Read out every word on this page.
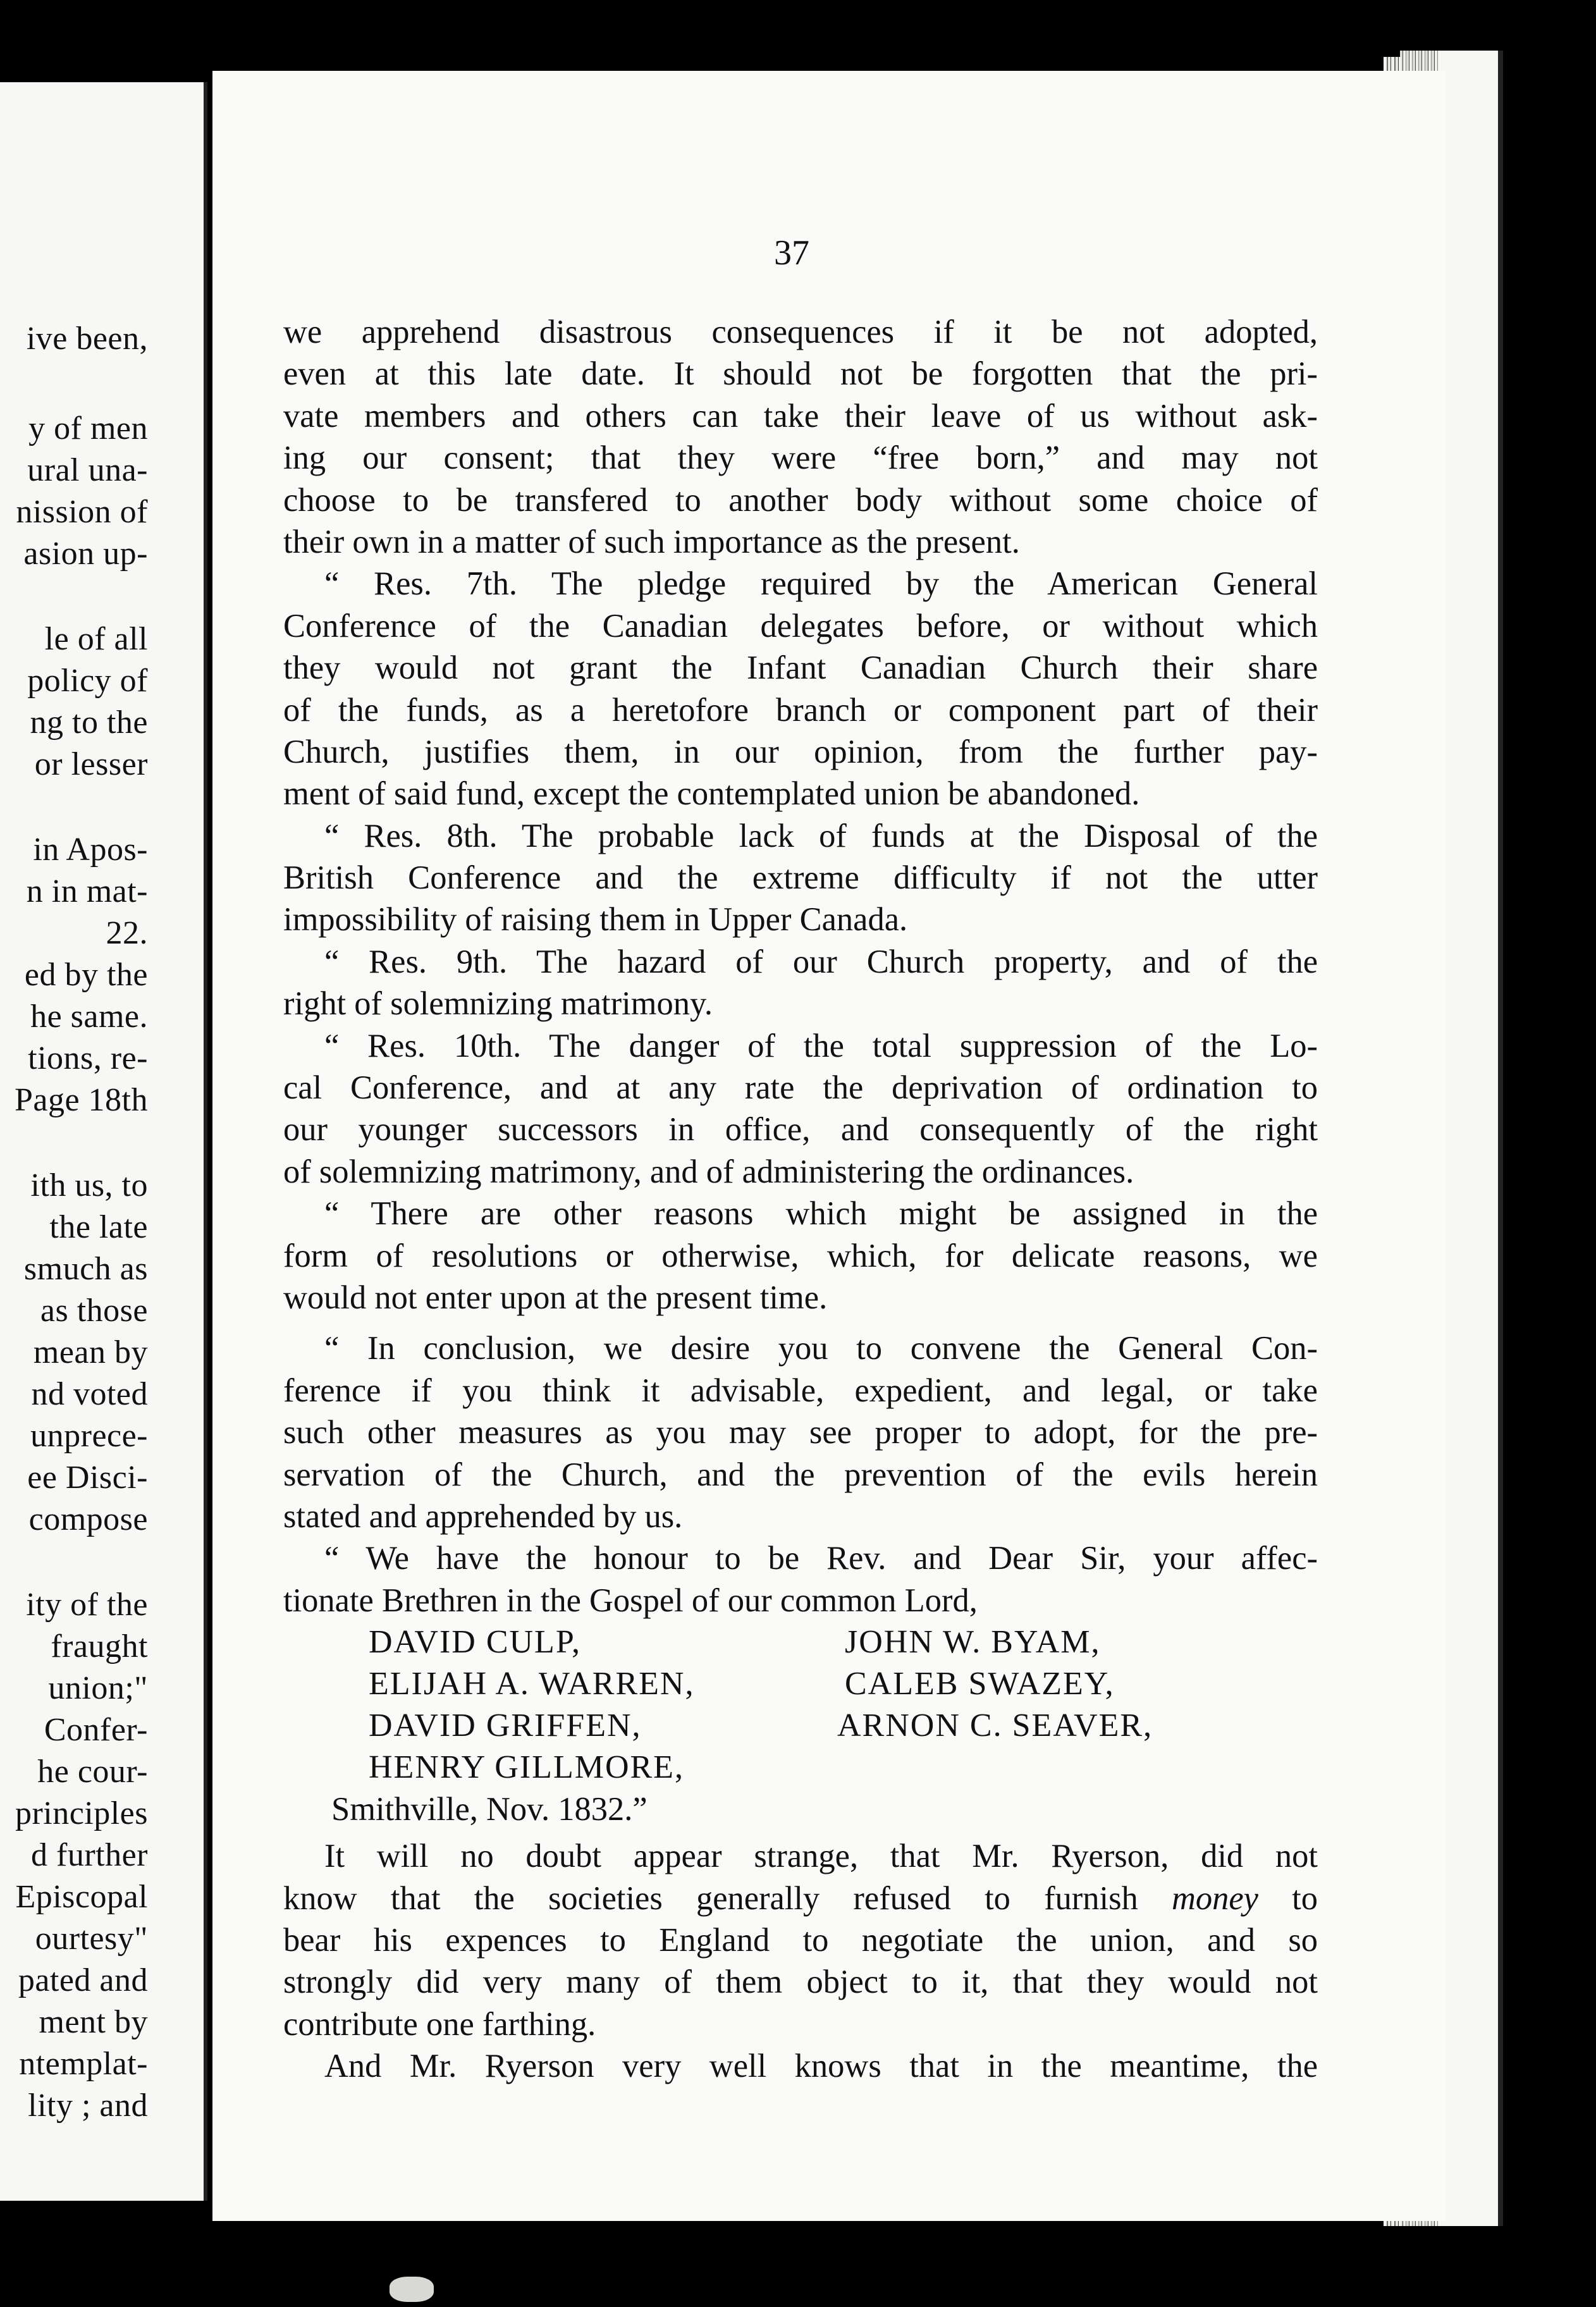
ive been,
y of men
ural una-
nission of
asion up-
le of all
policy of
ng to the
or lesser
in Apos-
n in mat-
22.
ed by the
he same.
tions, re-
Page 18th
ith us, to
the late
smuch as
as those
mean by
nd voted
unprece-
ee Disci-
compose
ity of the
fraught
union;"
Confer-
he cour-
principles
d further
Episcopal
ourtesy"
pated and
ment by
ntemplat-
lity ; and
37
we apprehend disastrous consequences if it be not adopted,
even at this late date. It should not be forgotten that the pri-
vate members and others can take their leave of us without ask-
ing our consent; that they were “free born,” and may not
choose to be transfered to another body without some choice of
their own in a matter of such importance as the present.
“ Res. 7th. The pledge required by the American General
Conference of the Canadian delegates before, or without which
they would not grant the Infant Canadian Church their share
of the funds, as a heretofore branch or component part of their
Church, justifies them, in our opinion, from the further pay-
ment of said fund, except the contemplated union be abandoned.
“ Res. 8th. The probable lack of funds at the Disposal of the
British Conference and the extreme difficulty if not the utter
impossibility of raising them in Upper Canada.
“ Res. 9th. The hazard of our Church property, and of the
right of solemnizing matrimony.
“ Res. 10th. The danger of the total suppression of the Lo-
cal Conference, and at any rate the deprivation of ordination to
our younger successors in office, and consequently of the right
of solemnizing matrimony, and of administering the ordinances.
“ There are other reasons which might be assigned in the
form of resolutions or otherwise, which, for delicate reasons, we
would not enter upon at the present time.
“ In conclusion, we desire you to convene the General Con-
ference if you think it advisable, expedient, and legal, or take
such other measures as you may see proper to adopt, for the pre-
servation of the Church, and the prevention of the evils herein
stated and apprehended by us.
“ We have the honour to be Rev. and Dear Sir, your affec-
tionate Brethren in the Gospel of our common Lord,
DAVID CULP,
ELIJAH A. WARREN,
DAVID GRIFFEN,
HENRY GILLMORE,
JOHN W. BYAM,
CALEB SWAZEY,
ARNON C. SEAVER,
Smithville, Nov. 1832.”
It will no doubt appear strange, that Mr. Ryerson, did not
know that the societies generally refused to furnish money to
bear his expences to England to negotiate the union, and so
strongly did very many of them object to it, that they would not
contribute one farthing.
And Mr. Ryerson very well knows that in the meantime, the
